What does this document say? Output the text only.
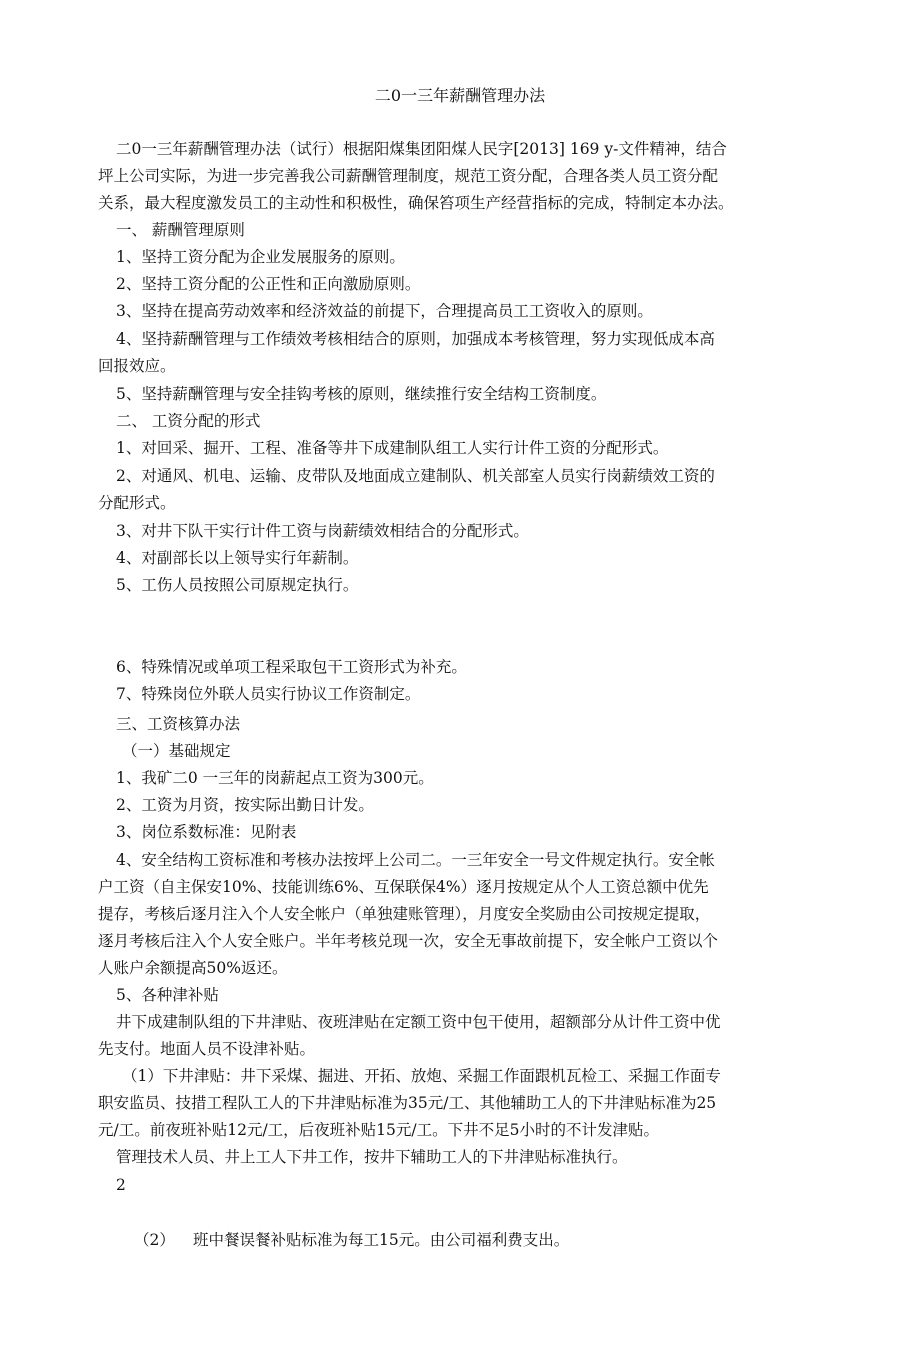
二0一三年薪酬管理办法
二0一三年薪酬管理办法（试行）根据阳煤集团阳煤人民字[2013] 169 y-文件精神，结合
坪上公司实际，为进一步完善我公司薪酬管理制度，规范工资分配，合理各类人员工资分配
关系，最大程度激发员工的主动性和积极性，确保笞项生产经营指标的完成，特制定本办法。
一、 薪酬管理原则
1、坚持工资分配为企业发展服务的原则。
2、坚持工资分配的公正性和正向激励原则。
3、坚持在提高劳动效率和经济效益的前提下，合理提高员工工资收入的原则。
4、坚持薪酬管理与工作绩效考核相结合的原则，加强成本考核管理，努力实现低成本高
回报效应。
5、坚持薪酬管理与安全挂钩考核的原则，继续推行安全结构工资制度。
二、 工资分配的形式
1、对回采、掘开、工程、准备等井下成建制队组工人实行计件工资的分配形式。
2、对通风、机电、运输、皮带队及地面成立建制队、机关部室人员实行岗薪绩效工资的
分配形式。
3、对井下队干实行计件工资与岗薪绩效相结合的分配形式。
4、对副部长以上领导实行年薪制。
5、工伤人员按照公司原规定执行。
6、特殊情况或单项工程采取包干工资形式为补充。
7、特殊岗位外联人员实行协议工作资制定。
三、工资核算办法
（一）基础规定
1、我矿二0 一三年的岗薪起点工资为300元。
2、工资为月资，按实际出勤日计发。
3、岗位系数标准：见附表
4、安全结构工资标准和考核办法按坪上公司二。一三年安全一号文件规定执行。安全帐
户工资（自主保安10%、技能训练6%、互保联保4%）逐月按规定从个人工资总额中优先
提存，考核后逐月注入个人安全帐户（单独建账管理），月度安全奖励由公司按规定提取，
逐月考核后注入个人安全账户。半年考核兑现一次，安全无事故前提下，安全帐户工资以个
人账户余额提高50%返还。
5、各种津补贴
井下成建制队组的下井津贴、夜班津贴在定额工资中包干使用，超额部分从计件工资中优
先支付。地面人员不设津补贴。
（1）下井津贴：井下采煤、掘进、开拓、放炮、采掘工作面跟机瓦检工、采掘工作面专
职安监员、技措工程队工人的下井津贴标准为35元/工、其他辅助工人的下井津贴标准为25
元/工。前夜班补贴12元/工，后夜班补贴15元/工。下井不足5小时的不计发津贴。
管理技术人员、井上工人下井工作，按井下辅助工人的下井津贴标准执行。
2
（2） 班中餐误餐补贴标准为每工15元。由公司福利费支出。
